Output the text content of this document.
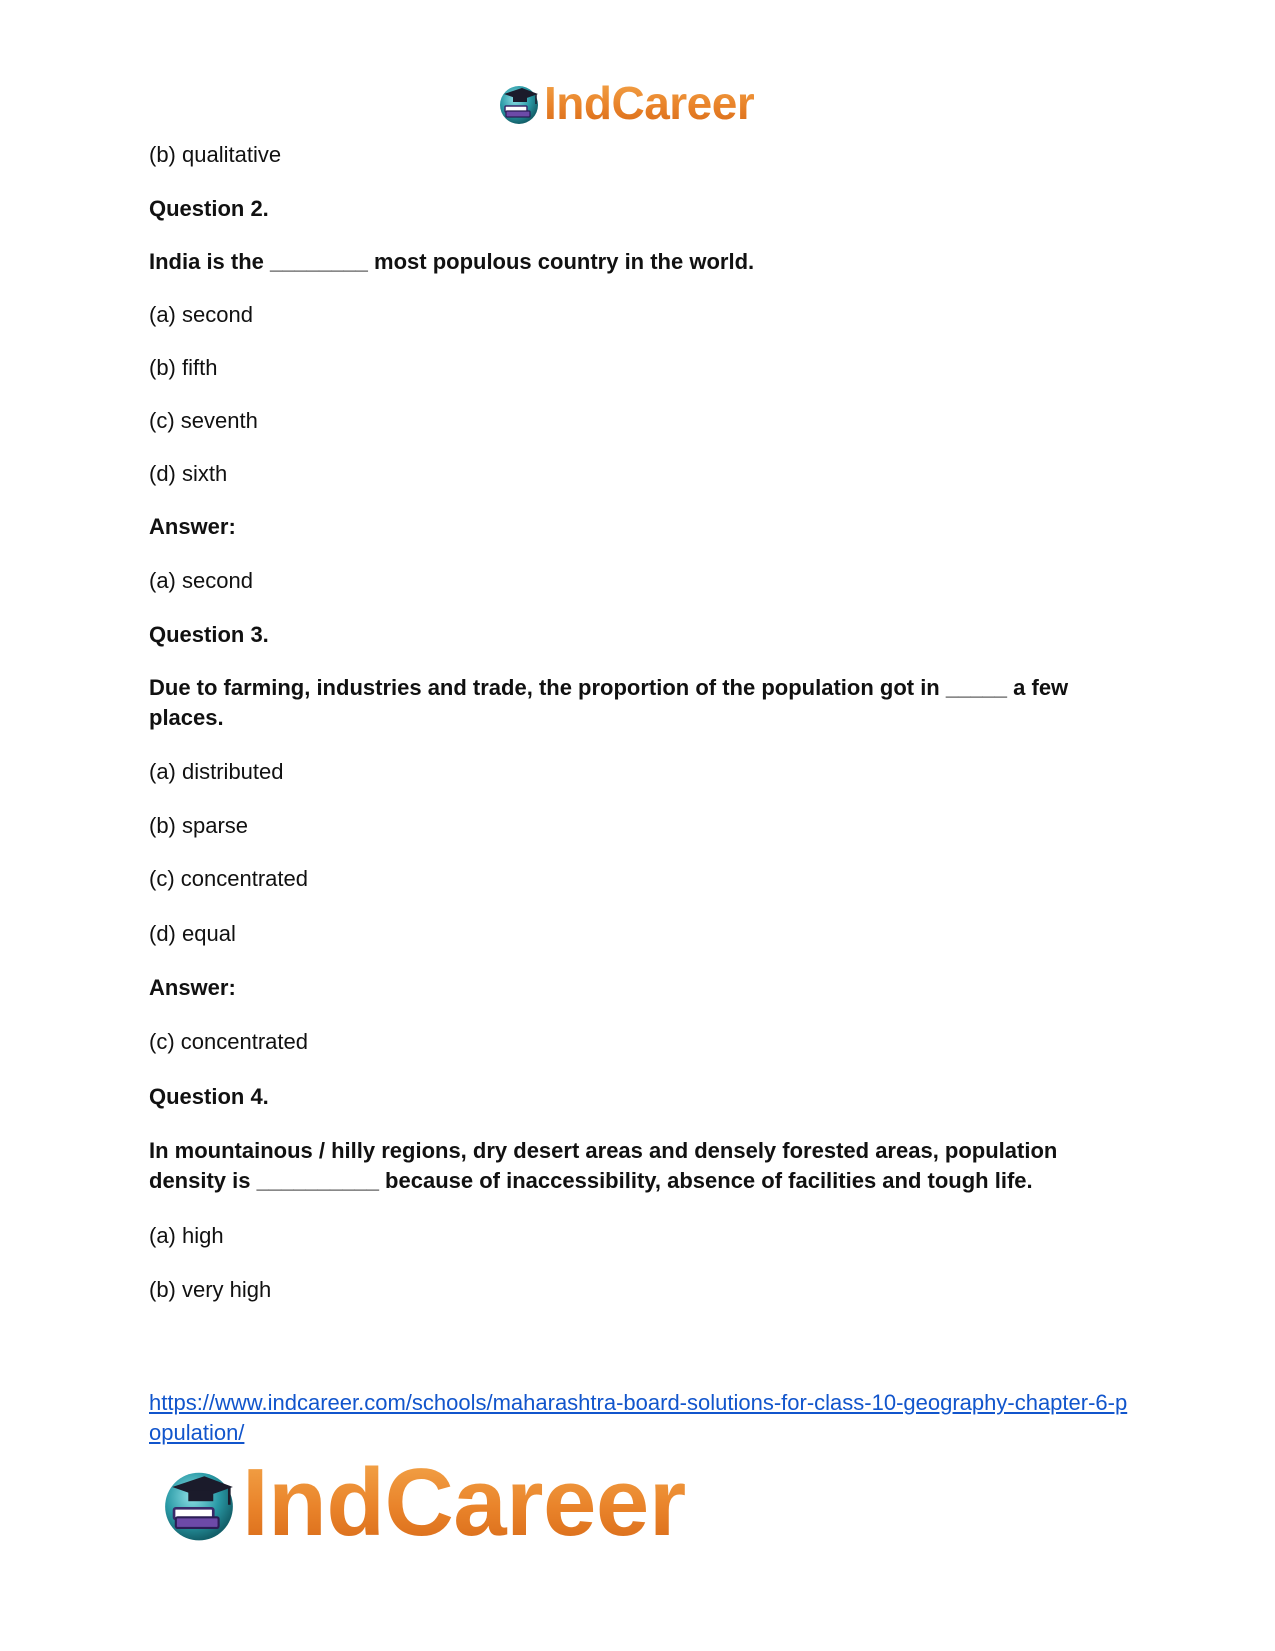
IndCareer
(b) qualitative
Question 2.
India is the ________ most populous country in the world.
(a) second
(b) fifth
(c) seventh
(d) sixth
Answer:
(a) second
Question 3.
Due to farming, industries and trade, the proportion of the population got in _____ a few places.
(a) distributed
(b) sparse
(c) concentrated
(d) equal
Answer:
(c) concentrated
Question 4.
In mountainous / hilly regions, dry desert areas and densely forested areas, population density is __________ because of inaccessibility, absence of facilities and tough life.
(a) high
(b) very high
https://www.indcareer.com/schools/maharashtra-board-solutions-for-class-10-geography-chapter-6-population/
IndCareer
